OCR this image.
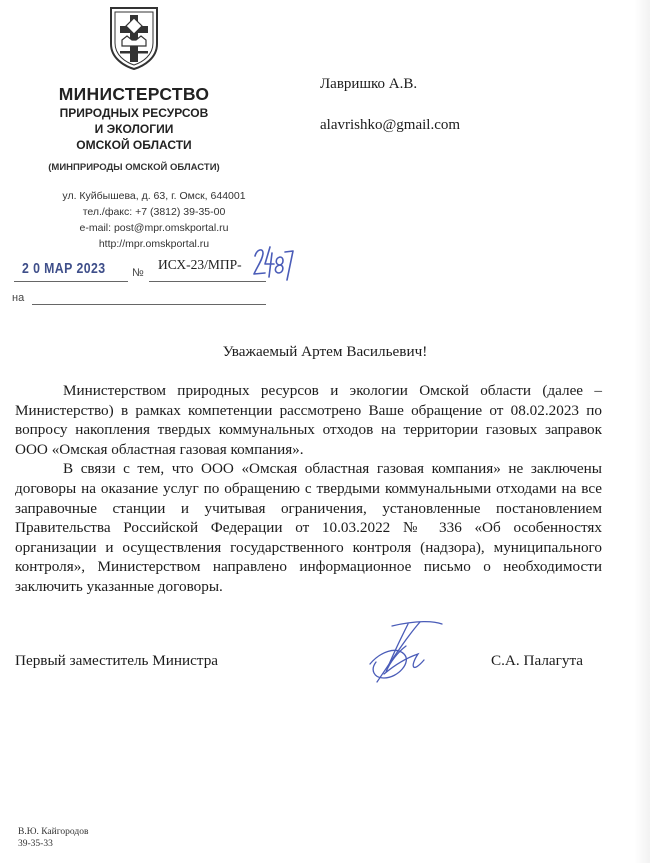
МИНИСТЕРСТВО
ПРИРОДНЫХ РЕСУРСОВ
И ЭКОЛОГИИ
ОМСКОЙ ОБЛАСТИ
(МИНПРИРОДЫ ОМСКОЙ ОБЛАСТИ)
ул. Куйбышева, д. 63, г. Омск, 644001
тел./факс: +7 (3812) 39-35-00
e-mail: post@mpr.omskportal.ru
http://mpr.omskportal.ru
2 0 МАР 2023 №
ИСХ-23/МПР-
на
Лавришко А.В.
alavrishko@gmail.com
Уважаемый Артем Васильевич!

Министерством природных ресурсов и экологии Омской области (далее – Министерство) в рамках компетенции рассмотрено Ваше обращение от 08.02.2023 по вопросу накопления твердых коммунальных отходов на территории газовых заправок ООО «Омская областная газовая компания».

В связи с тем, что ООО «Омская областная газовая компания» не заключены договоры на оказание услуг по обращению с твердыми коммунальными отходами на все заправочные станции и учитывая ограничения, установленные постановлением Правительства Российской Федерации от 10.03.2022 № 336 «Об особенностях организации и осуществления государственного контроля (надзора), муниципального контроля», Министерством направлено информационное письмо о необходимости заключить указанные договоры.

Первый заместитель Министра	С.А. Палагута
В.Ю. Кайгородов
39-35-33
